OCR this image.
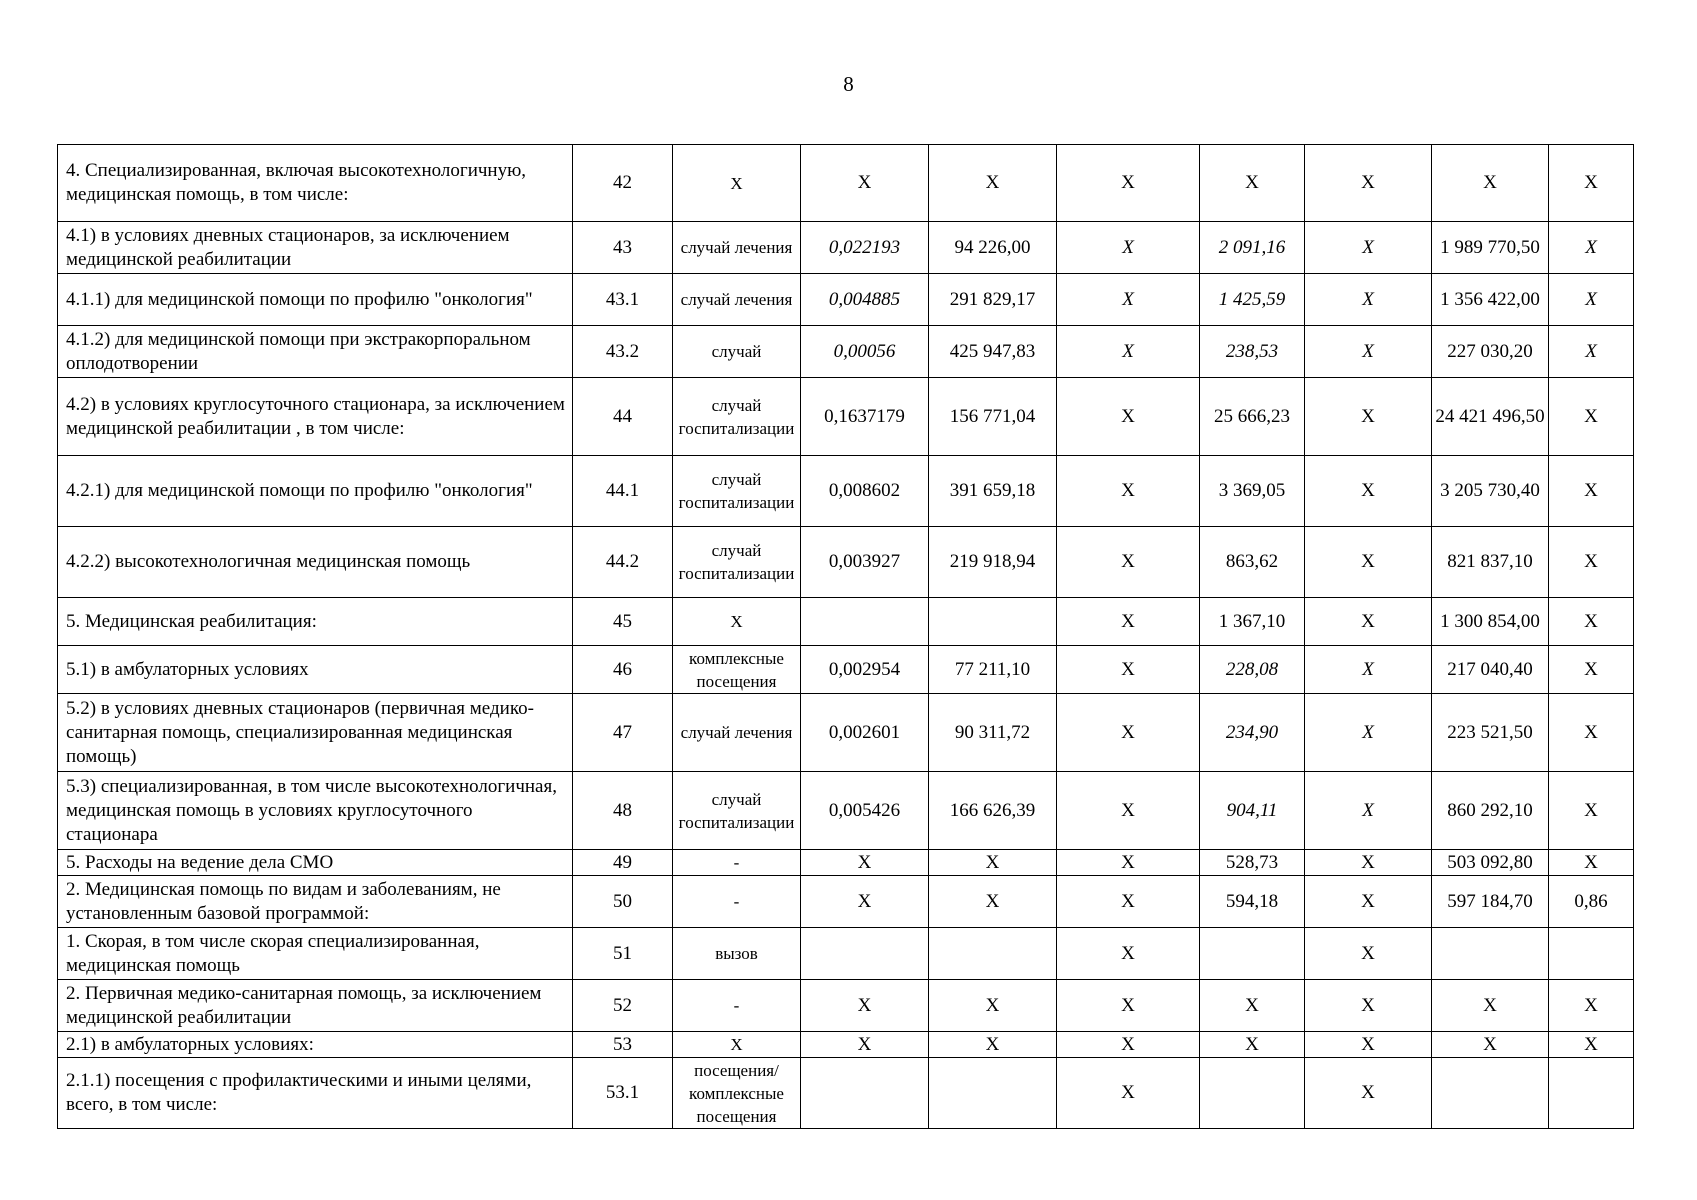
8
4. Специализированная, включая высокотехнологичную, медицинская помощь, в том числе:	42	X	X	X	X	X	X	X	X
4.1) в условиях дневных стационаров, за исключением медицинской реабилитации	43	случай лечения	0,022193	94 226,00	X	2 091,16	X	1 989 770,50	X
4.1.1) для медицинской помощи по профилю "онкология"	43.1	случай лечения	0,004885	291 829,17	X	1 425,59	X	1 356 422,00	X
4.1.2) для медицинской помощи при экстракорпоральном оплодотворении	43.2	случай	0,00056	425 947,83	X	238,53	X	227 030,20	X
4.2) в условиях круглосуточного стационара, за исключением медицинской реабилитации , в том числе:	44	случай госпитализации	0,1637179	156 771,04	X	25 666,23	X	24 421 496,50	X
4.2.1) для медицинской помощи по профилю "онкология"	44.1	случай госпитализации	0,008602	391 659,18	X	3 369,05	X	3 205 730,40	X
4.2.2) высокотехнологичная медицинская помощь	44.2	случай госпитализации	0,003927	219 918,94	X	863,62	X	821 837,10	X
5. Медицинская реабилитация:	45	X			X	1 367,10	X	1 300 854,00	X
5.1) в амбулаторных условиях	46	комплексные посещения	0,002954	77 211,10	X	228,08	X	217 040,40	X
5.2) в условиях дневных стационаров (первичная медико-санитарная помощь, специализированная медицинская помощь)	47	случай лечения	0,002601	90 311,72	X	234,90	X	223 521,50	X
5.3) специализированная, в том числе высокотехнологичная, медицинская помощь в условиях круглосуточного стационара	48	случай госпитализации	0,005426	166 626,39	X	904,11	X	860 292,10	X
5. Расходы на ведение дела СМО	49	-	X	X	X	528,73	X	503 092,80	X
2. Медицинская помощь по видам и заболеваниям, не установленным базовой программой:	50	-	X	X	X	594,18	X	597 184,70	0,86
1. Скорая, в том числе скорая специализированная, медицинская помощь	51	вызов			X		X		
2. Первичная медико-санитарная помощь, за исключением медицинской реабилитации	52	-	X	X	X	X	X	X	X
2.1) в амбулаторных условиях:	53	X	X	X	X	X	X	X	X
2.1.1) посещения с профилактическими и иными целями, всего, в том числе:	53.1	посещения/комплексные посещения			X		X		
